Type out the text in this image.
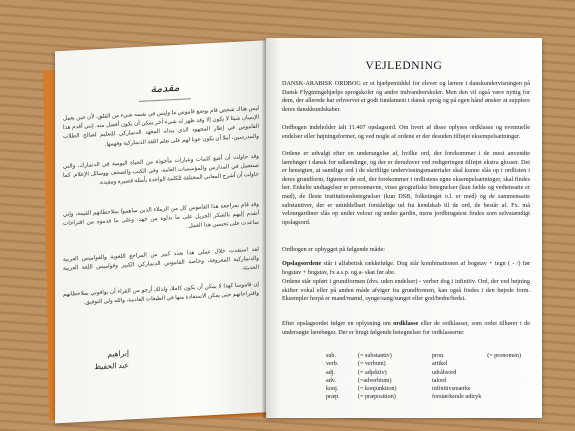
مقدمة
ليس هناك شخص قام بوضع قاموس ما وليس في نفسه شيء من القلق، لأن حين يعمل الإنسان شيئا لا يكون إلا وقد ظهر له شيء آخر يمكن أن يكون أفضل منه. إنني أقدم هذا القاموس في إطار المجهود الذي يبذله المعهد الدنماركي للتعليم لصالح الطلاب والمدرسين، آملا أن يكون عونا لهم على تعلم اللغة الدنماركية وفهمها.
وقد حاولت أن أضع كلمات وعبارات مأخوذة من الحياة اليومية في الدنمارك، والتي تستعمل في المدارس والمؤسسات العامة، وفي الكتب والصحف ووسائل الإعلام. كما حاولت أن أشرح المعاني المختلفة للكلمة الواحدة بأمثلة قصيرة ومفيدة.
وقد قام بمراجعة هذا القاموس كل من الزملاء الذين ساهموا بملاحظاتهم القيمة، وإني أتقدم إليهم بالشكر الجزيل على ما بذلوه من جهد، وعلى ما قدموه من اقتراحات ساعدت على تحسين هذا العمل.
لقد استفدت خلال عملي هذا بعدد كبير من المراجع اللغوية والقواميس العربية والدنماركية المعروفة، وخاصة القاموس الدنماركي الكبير وقواميس اللغة العربية الحديثة.
إن قاموسا كهذا لا يمكن أن يكون كاملا، ولذلك أرجو من القراء أن يوافوني بملاحظاتهم واقتراحاتهم حتى يمكن الاستفادة منها في الطبعات القادمة، والله ولي التوفيق.
إبراهيم
عبد الحفيظ
VEJLEDNING
DANSK-ARABISK ORDBOG er et hjælpemiddel for elever og lærere i danskundervisningen på Dansk Flygtningehjælps sprogskoler og andre indvandrerskoler. Men den vil også være nyttig for dem, der allerede har erhvervet et godt fundament i dansk sprog og på egen hånd ønsker at supplere deres danskkundskaber.
Ordbogen indeholder ialt 11.407 opslagsord. Om hvert af disse oplyses ordklasse og eventuelle endelser eller bøjningsformer, og ved nogle af ordene er der desuden tilføjet eksempelsætninger.
Ordene er udvalgt efter en undersøgelse af, hvilke ord, der forekommer i de mest anvendte lærebøger i dansk for udlændinge, og der er derudover ved redigeringen tilføjet ekstra glosser. Det er hensigten, at samtlige ord i de skriftlige undervisningsmaterialer skal kunne slås op i ordlisten i deres grundform, figurerer de ord, der forekommer i ordlistens egne eksempelsætninger, skal findes her. Enkelte undtagelser er personnavne, visse geografiske betegnelser (kun fælde og vedtensatte er med), de fleste institutionsbetegnelser (kun DSB, folketinget o.l. er med) og de sammensatte substantiver, der er umiddelbart forståelige ud fra kendskab til de ord, de består af. Fx. må velourgardiner slås op under velour og under gardin, mens jordbrugstest findes som selvstændigt opslagsord.
Ordbogen er opbygget på følgende måde:
Opslagsordene står i alfabetisk rækkefølge. Dog står kombinationen af bogstav + tegn ( - /) før bogstav + bogstav, fx a.s.p. og a- skat før abe.
Ordene står opført i grundformen (dvs. uden endelser) - verber dog i infinitiv. Ord, der ved bøjning skifter vokal eller på anden måde afviger fra grundformen, kan også findes i den bøjede form. Eksempler herpå er mand/mænd, synge/sang/sunget eller god/bedre/bedst.
Efter opslagsordet følger en oplysning om ordklasse eller de ordklasser, som ordet tilhører i de undersøgte lærebøger. Der er brugt følgende betegnelser for ordklasserne:
sub.	(= substantiv)	pron.	(= pronomen)
verb.	(= verbum)	artikel	
adj.	(= adjektiv)	udråbsord	
adv.	(=adverbium)	talord	
konj.	(= konjunktion)	infinitivsmærke	
præp.	(= præposition)	forstærkende udtryk	
